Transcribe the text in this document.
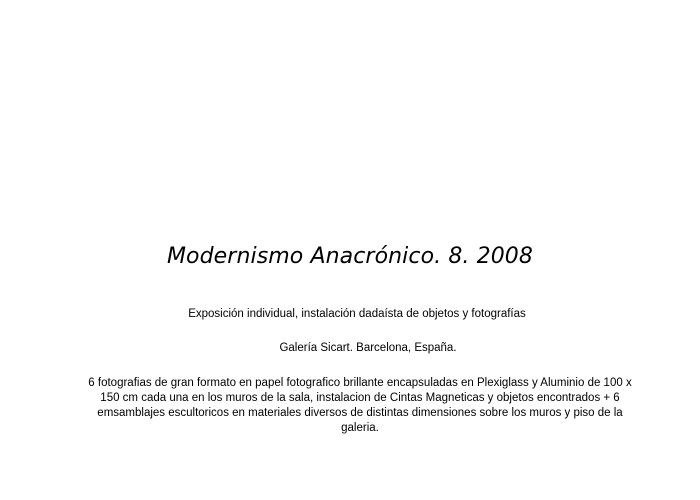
Modernismo Anacrónico. 8. 2008

Exposición individual, instalación dadaísta de objetos y fotografías

Galería Sicart. Barcelona, España.

6 fotografias de gran formato en papel fotografico brillante encapsuladas en Plexiglass y Aluminio de 100 x 150 cm cada una en los muros de la sala, instalacion de Cintas Magneticas y objetos encontrados + 6 emsamblajes escultoricos en materiales diversos de distintas dimensiones sobre los muros y piso de la galeria.
